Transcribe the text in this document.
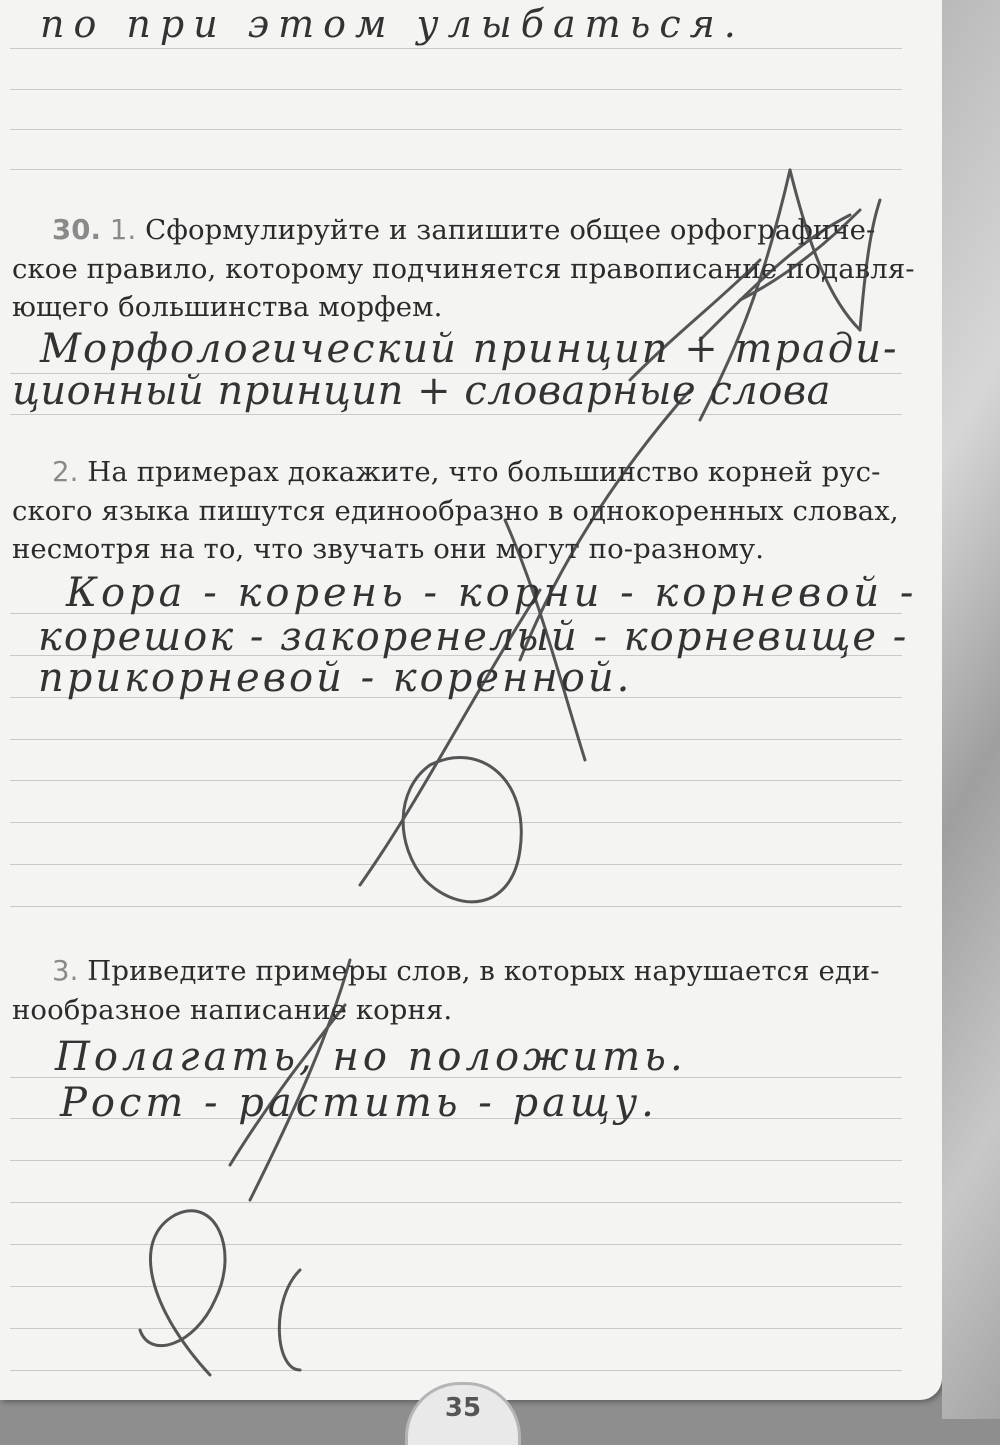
по при этом улыбаться.
30. 1. Сформулируйте и запишите общее орфографиче-
ское правило, которому подчиняется правописание подавля-
ющего большинства морфем.
Морфологический принцип + тради-
ционный принцип + словарные слова
2. На примерах докажите, что большинство корней рус-
ского языка пишутся единообразно в однокоренных словах,
несмотря на то, что звучать они могут по-разному.
Кора - корень - корни - корневой -
корешок - закоренелый - корневище -
прикорневой - коренной.
3. Приведите примеры слов, в которых нарушается еди-
нообразное написание корня.
Полагать, но положить.
Рост - растить - ращу.
35
